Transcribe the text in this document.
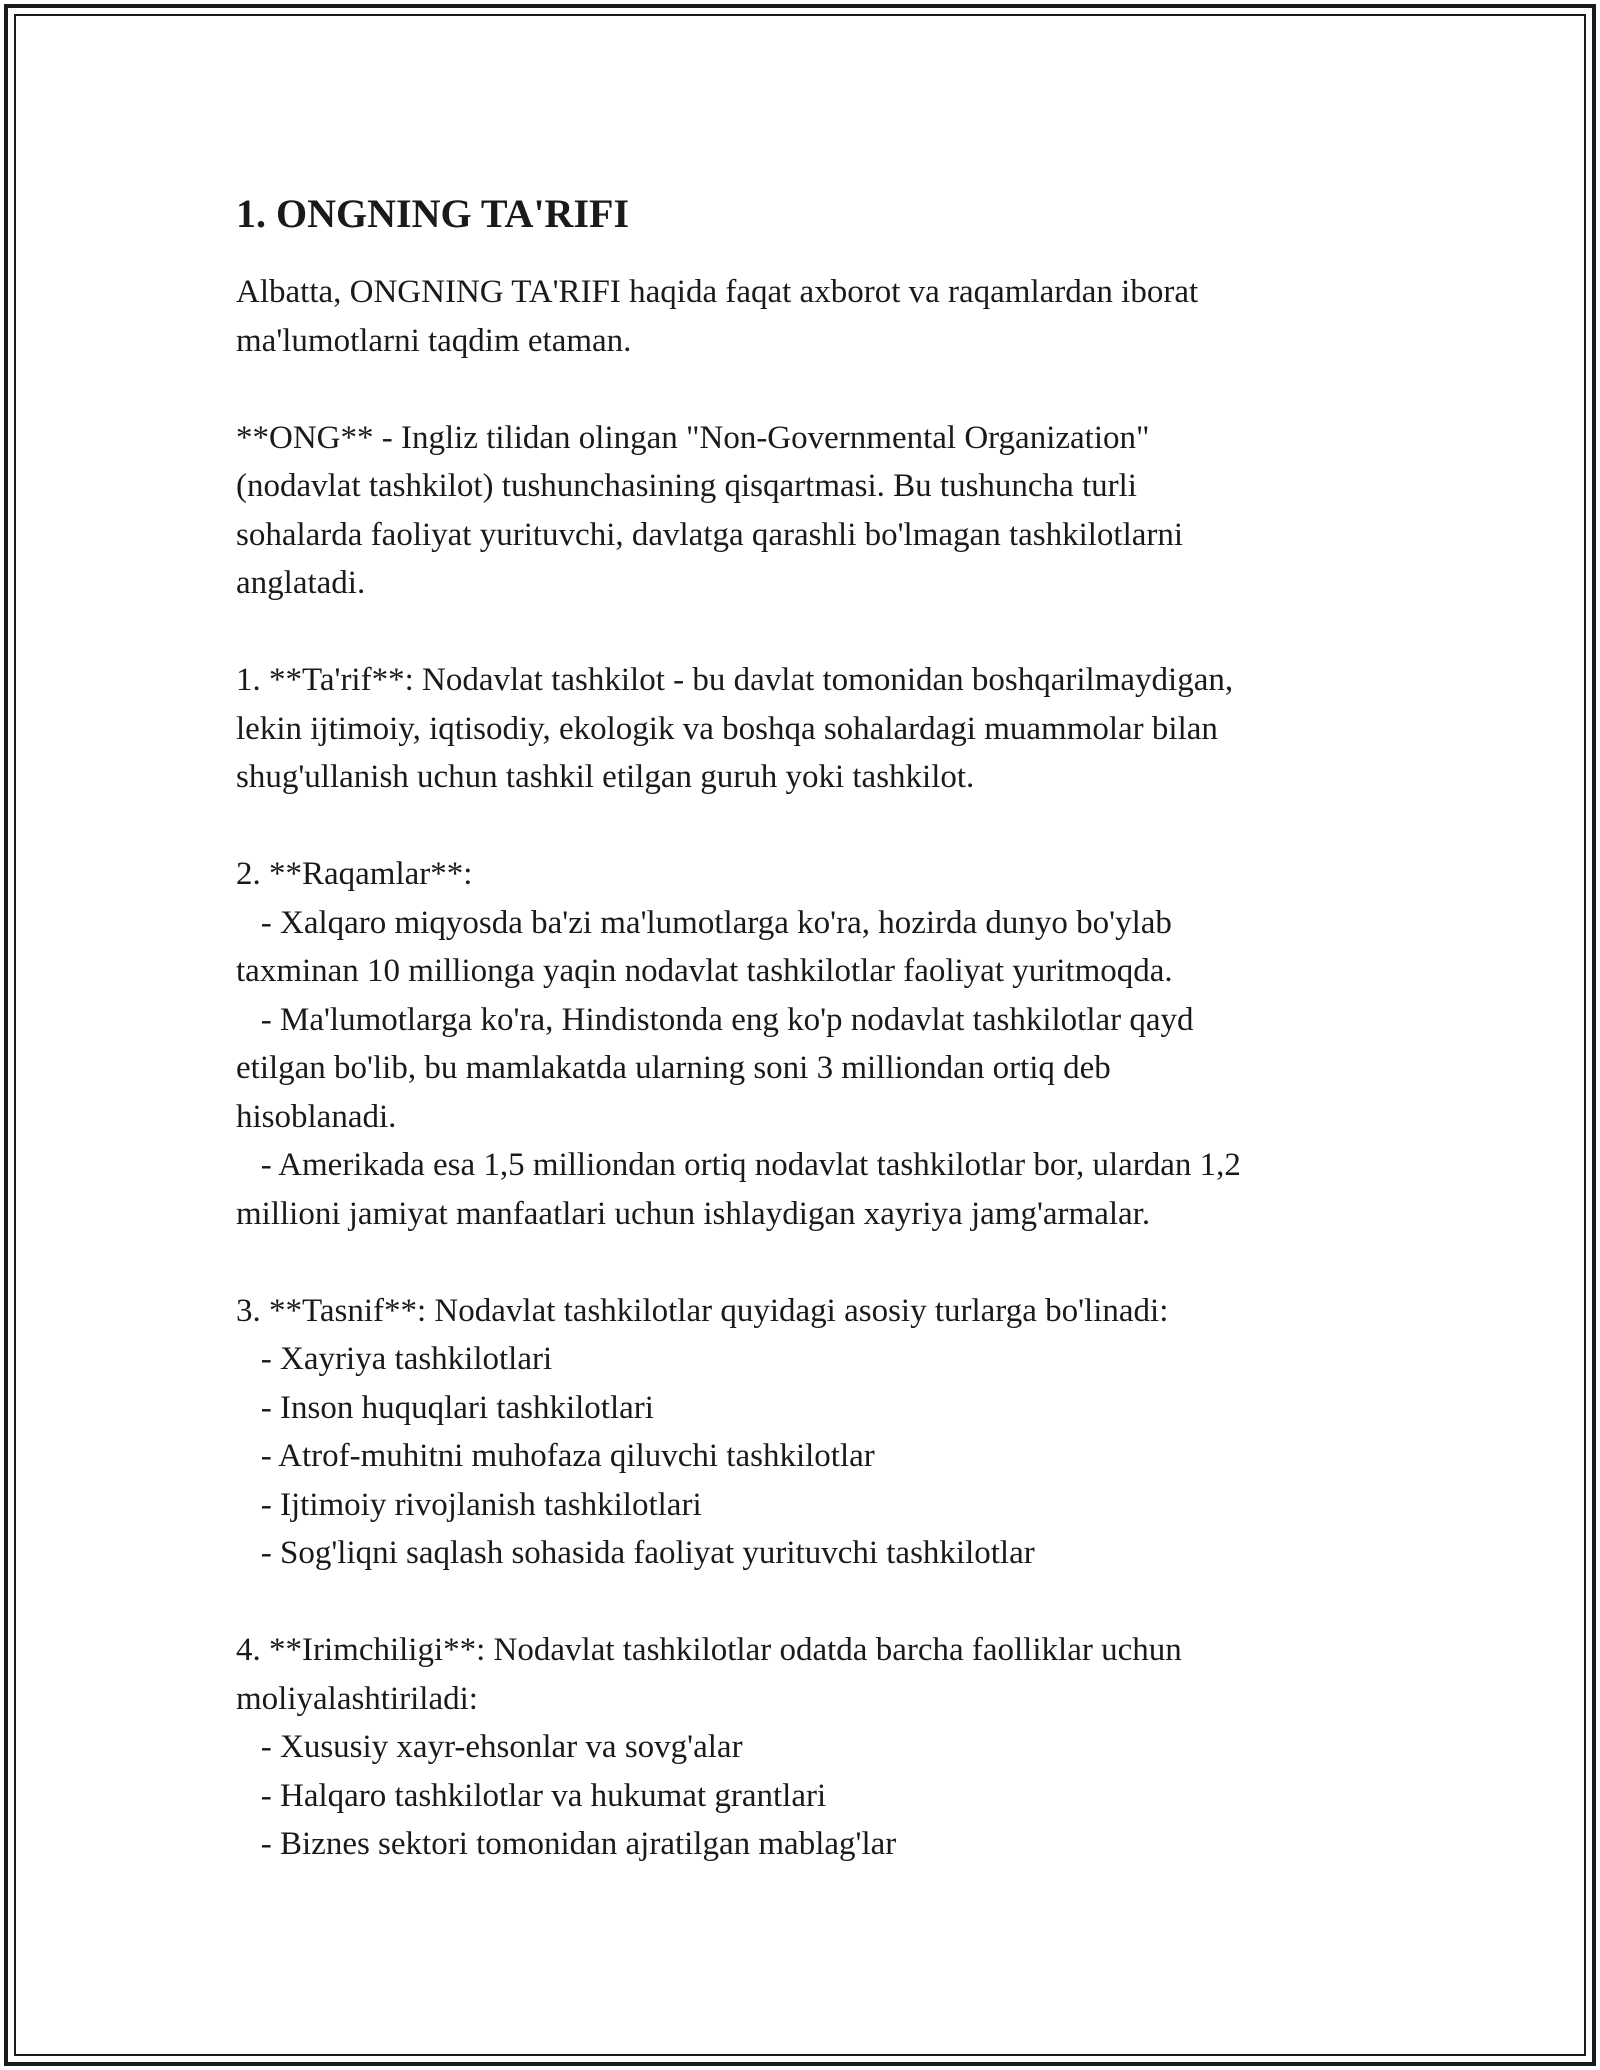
1. ONGNING TA'RIFI

Albatta, ONGNING TA'RIFI haqida faqat axborot va raqamlardan iborat
ma'lumotlarni taqdim etaman.

**ONG** - Ingliz tilidan olingan "Non-Governmental Organization"
(nodavlat tashkilot) tushunchasining qisqartmasi. Bu tushuncha turli
sohalarda faoliyat yurituvchi, davlatga qarashli bo'lmagan tashkilotlarni
anglatadi.

1. **Ta'rif**: Nodavlat tashkilot - bu davlat tomonidan boshqarilmaydigan,
lekin ijtimoiy, iqtisodiy, ekologik va boshqa sohalardagi muammolar bilan
shug'ullanish uchun tashkil etilgan guruh yoki tashkilot.

2. **Raqamlar**:
- Xalqaro miqyosda ba'zi ma'lumotlarga ko'ra, hozirda dunyo bo'ylab
taxminan 10 millionga yaqin nodavlat tashkilotlar faoliyat yuritmoqda.
- Ma'lumotlarga ko'ra, Hindistonda eng ko'p nodavlat tashkilotlar qayd
etilgan bo'lib, bu mamlakatda ularning soni 3 milliondan ortiq deb
hisoblanadi.
- Amerikada esa 1,5 milliondan ortiq nodavlat tashkilotlar bor, ulardan 1,2
millioni jamiyat manfaatlari uchun ishlaydigan xayriya jamg'armalar.

3. **Tasnif**: Nodavlat tashkilotlar quyidagi asosiy turlarga bo'linadi:
- Xayriya tashkilotlari
- Inson huquqlari tashkilotlari
- Atrof-muhitni muhofaza qiluvchi tashkilotlar
- Ijtimoiy rivojlanish tashkilotlari
- Sog'liqni saqlash sohasida faoliyat yurituvchi tashkilotlar

4. **Irimchiligi**: Nodavlat tashkilotlar odatda barcha faolliklar uchun
moliyalashtiriladi:
- Xususiy xayr-ehsonlar va sovg'alar
- Halqaro tashkilotlar va hukumat grantlari
- Biznes sektori tomonidan ajratilgan mablag'lar
